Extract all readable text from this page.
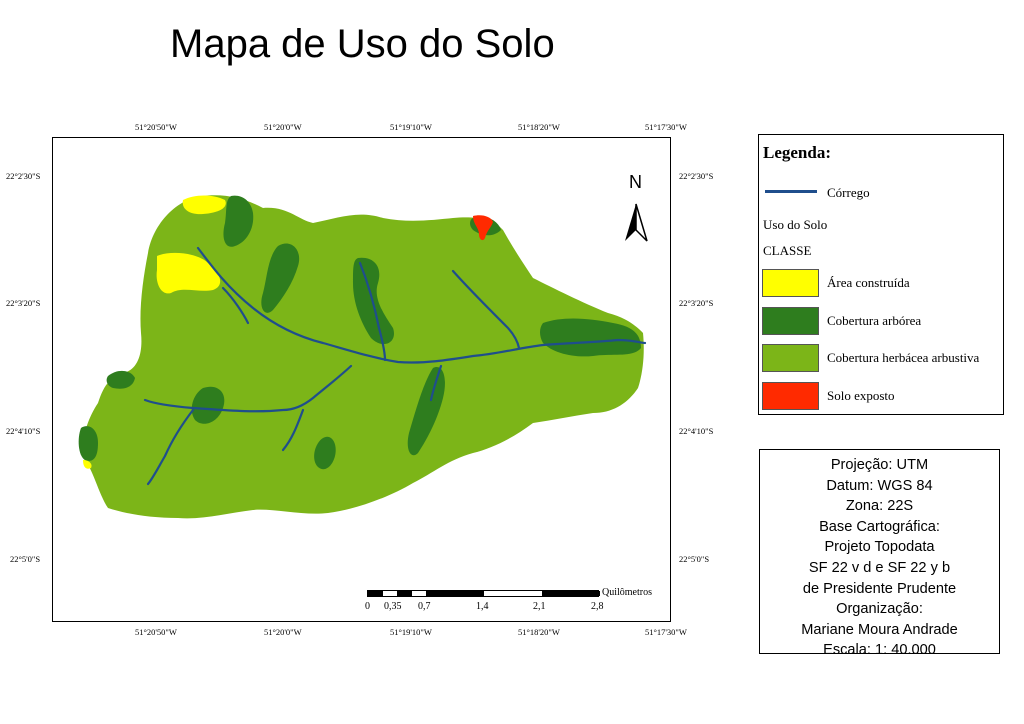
Mapa de Uso do Solo
51°20'50"W	51°20'0"W	51°19'10"W	51°18'20"W	51°17'30"W
51°20'50"W	51°20'0"W	51°19'10"W	51°18'20"W	51°17'30"W
22°2'30"S
22°3'20"S
22°4'10"S
22°5'0"S
22°2'30"S
22°3'20"S
22°4'10"S
22°5'0"S
N
0 0,35 0,7	1,4	2,1	2,8
Quilômetros
Legenda:
Córrego
Uso do Solo
CLASSE
Área construída
Cobertura arbórea
Cobertura herbácea arbustiva
Solo exposto
Projeção: UTM
Datum: WGS 84
Zona: 22S
Base Cartográfica:
Projeto Topodata
SF 22 v d e SF 22 y b
de Presidente Prudente
Organização:
Mariane Moura Andrade
Escala: 1: 40.000
